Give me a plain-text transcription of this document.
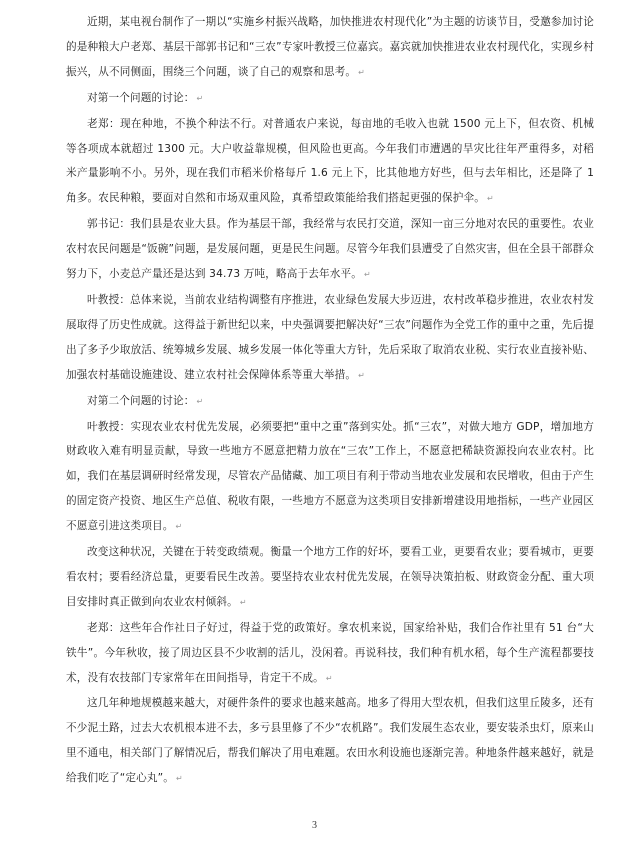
近期，某电视台制作了一期以“实施乡村振兴战略，加快推进农村现代化”为主题的访谈节目，受邀参加讨论的是种粮大户老郑、基层干部郭书记和“三农”专家叶教授三位嘉宾。嘉宾就加快推进农业农村现代化，实现乡村振兴，从不同侧面，围绕三个问题，谈了自己的观察和思考。 ↵

对第一个问题的讨论： ↵

老郑：现在种地，不换个种法不行。对普通农户来说，每亩地的毛收入也就 1500 元上下，但农资、机械等各项成本就超过 1300 元。大户收益靠规模，但风险也更高。今年我们市遭遇的旱灾比往年严重得多，对稻米产量影响不小。另外，现在我们市稻米价格每斤 1.6 元上下，比其他地方好些，但与去年相比，还是降了 1 角多。农民种粮，要面对自然和市场双重风险，真希望政策能给我们搭起更强的保护伞。 ↵

郭书记：我们县是农业大县。作为基层干部，我经常与农民打交道，深知一亩三分地对农民的重要性。农业农村农民问题是“饭碗”问题，是发展问题，更是民生问题。尽管今年我们县遭受了自然灾害，但在全县干部群众努力下，小麦总产量还是达到 34.73 万吨，略高于去年水平。 ↵

叶教授：总体来说，当前农业结构调整有序推进，农业绿色发展大步迈进，农村改革稳步推进，农业农村发展取得了历史性成就。这得益于新世纪以来，中央强调要把解决好“三农”问题作为全党工作的重中之重，先后提出了多予少取放活、统筹城乡发展、城乡发展一体化等重大方针，先后采取了取消农业税、实行农业直接补贴、加强农村基础设施建设、建立农村社会保障体系等重大举措。 ↵

对第二个问题的讨论： ↵

叶教授：实现农业农村优先发展，必须要把“重中之重”落到实处。抓“三农”，对做大地方 GDP，增加地方财政收入难有明显贡献，导致一些地方不愿意把精力放在“三农”工作上，不愿意把稀缺资源投向农业农村。比如，我们在基层调研时经常发现，尽管农产品储藏、加工项目有利于带动当地农业发展和农民增收，但由于产生的固定资产投资、地区生产总值、税收有限，一些地方不愿意为这类项目安排新增建设用地指标，一些产业园区不愿意引进这类项目。 ↵

改变这种状况，关键在于转变政绩观。衡量一个地方工作的好坏，要看工业，更要看农业；要看城市，更要看农村；要看经济总量，更要看民生改善。要坚持农业农村优先发展，在领导决策拍板、财政资金分配、重大项目安排时真正做到向农业农村倾斜。 ↵

老郑：这些年合作社日子好过，得益于党的政策好。拿农机来说，国家给补贴，我们合作社里有 51 台“大铁牛”。今年秋收，接了周边区县不少收割的活儿，没闲着。再说科技，我们种有机水稻，每个生产流程都要技术，没有农技部门专家常年在田间指导，肯定干不成。 ↵

这几年种地规模越来越大，对硬件条件的要求也越来越高。地多了得用大型农机，但我们这里丘陵多，还有不少泥土路，过去大农机根本进不去，多亏县里修了不少“农机路”。我们发展生态农业，要安装杀虫灯，原来山里不通电，相关部门了解情况后，帮我们解决了用电难题。农田水利设施也逐渐完善。种地条件越来越好，就是给我们吃了“定心丸”。 ↵

3
